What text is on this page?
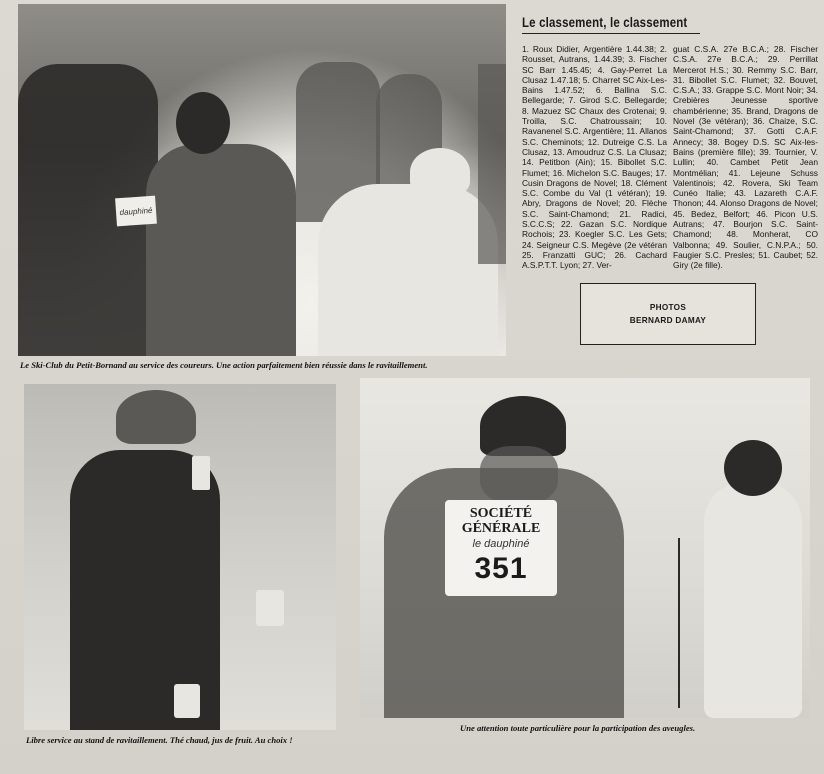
dauphiné
Le Ski-Club du Petit-Bornand au service des coureurs. Une action parfaitement bien réussie dans le ravitaillement.
Le classement, le classement
1. Roux Didier, Argentière 1.44.38; 2. Rousset, Autrans, 1.44.39; 3. Fischer SC Barr 1.45.45; 4. Gay-Perret La Clusaz 1.47.18; 5. Charret SC Aix-Les-Bains 1.47.52; 6. Ballina S.C. Bellegarde; 7. Girod S.C. Bellegarde; 8. Mazuez SC Chaux des Crotenai; 9. Troilla, S.C. Chatroussain; 10. Ravanenel S.C. Argentière; 11. Allanos S.C. Cheminots; 12. Dutreige C.S. La Clusaz, 13. Amoudruz C.S. La Clusaz; 14. Petitbon (Ain); 15. Bibollet S.C. Flumet; 16. Michelon S.C. Bauges; 17. Cusin Dragons de Novel; 18. Clément S.C. Combe du Val (1 vétéran); 19. Abry, Dragons de Novel; 20. Flèche S.C. Saint-Chamond; 21. Radici, S.C.C.S; 22. Gazan S.C. Nordique Rochois; 23. Koegler S.C. Les Gets; 24. Seigneur C.S. Megève (2e vétéran 25. Franzatti GUC; 26. Cachard A.S.P.T.T. Lyon; 27. Ver-
guat C.S.A. 27e B.C.A.; 28. Fischer C.S.A. 27e B.C.A.; 29. Perrillat Mercerot H.S.; 30. Remmy S.C. Barr, 31. Bibollet S.C. Flumet; 32. Bouvet, C.S.A.; 33. Grappe S.C. Mont Noir; 34. Crebières Jeunesse sportive chambérienne; 35. Brand, Dragons de Novel (3e vétéran); 36. Chaize, S.C. Saint-Chamond; 37. Gotti C.A.F. Annecy; 38. Bogey D.S. SC Aix-les-Bains (première fille); 39. Tournier, V. Lullin; 40. Cambet Petit Jean Montmélian; 41. Lejeune Schuss Valentinois; 42. Rovera, Ski Team Cunéo Italie; 43. Lazareth C.A.F. Thonon; 44. Alonso Dragons de Novel; 45. Bedez, Belfort; 46. Picon U.S. Autrans; 47. Bourjon S.C. Saint-Chamond; 48. Monherat, CO Valbonna; 49. Soulier, C.N.P.A.; 50. Faugier S.C. Presles; 51. Caubet; 52. Giry (2e fille).
PHOTOS
BERNARD DAMAY
Libre service au stand de ravitaillement. Thé chaud, jus de fruit. Au choix !
SOCIÉTÉ
GÉNÉRALE
le dauphiné
351
Une attention toute particulière pour la participation des aveugles.
